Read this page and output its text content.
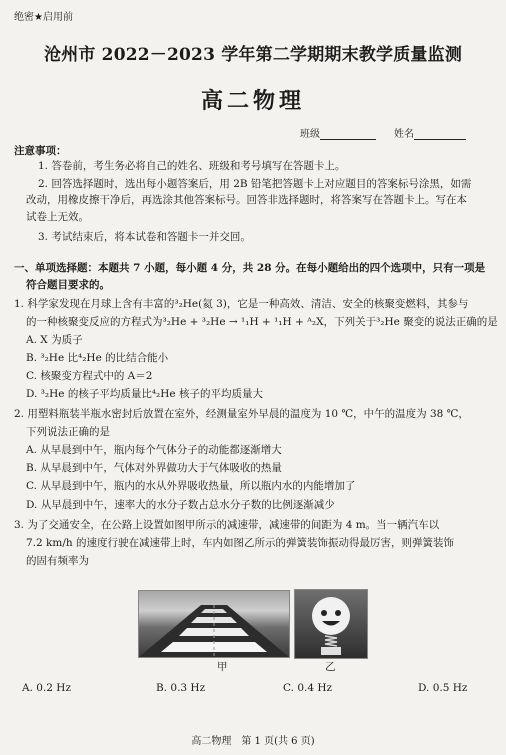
绝密★启用前
沧州市 2022－2023 学年第二学期期末教学质量监测
高二物理
班级	姓名
注意事项：
1. 答卷前，考生务必将自己的姓名、班级和考号填写在答题卡上。
2. 回答选择题时，选出每小题答案后，用 2B 铅笔把答题卡上对应题目的答案标号涂黑，如需
改动，用橡皮擦干净后，再选涂其他答案标号。回答非选择题时，将答案写在答题卡上。写在本
试卷上无效。
3. 考试结束后，将本试卷和答题卡一并交回。
一、单项选择题：本题共 7 小题，每小题 4 分，共 28 分。在每小题给出的四个选项中，只有一项是
符合题目要求的。
1. 科学家发现在月球上含有丰富的³₂He(氦 3)，它是一种高效、清洁、安全的核聚变燃料，其参与
的一种核聚变反应的方程式为³₂He + ³₂He → ¹₁H + ¹₁H + ᴬ₂X，下列关于³₂He 聚变的说法正确的是
A. X 为质子
B. ³₂He 比⁴₂He 的比结合能小
C. 核聚变方程式中的 A＝2
D. ³₂He 的核子平均质量比⁴₂He 核子的平均质量大
2. 用塑料瓶装半瓶水密封后放置在室外，经测量室外早晨的温度为 10 ℃，中午的温度为 38 ℃，
下列说法正确的是
A. 从早晨到中午，瓶内每个气体分子的动能都逐渐增大
B. 从早晨到中午，气体对外界做功大于气体吸收的热量
C. 从早晨到中午，瓶内的水从外界吸收热量，所以瓶内水的内能增加了
D. 从早晨到中午，速率大的水分子数占总水分子数的比例逐渐减少
3. 为了交通安全，在公路上设置如图甲所示的减速带，减速带的间距为 4 m。当一辆汽车以
7.2 km/h 的速度行驶在减速带上时，车内如图乙所示的弹簧装饰振动得最厉害，则弹簧装饰
的固有频率为
甲	乙
A. 0.2 Hz	B. 0.3 Hz	C. 0.4 Hz	D. 0.5 Hz
高二物理　第 1 页(共 6 页)
